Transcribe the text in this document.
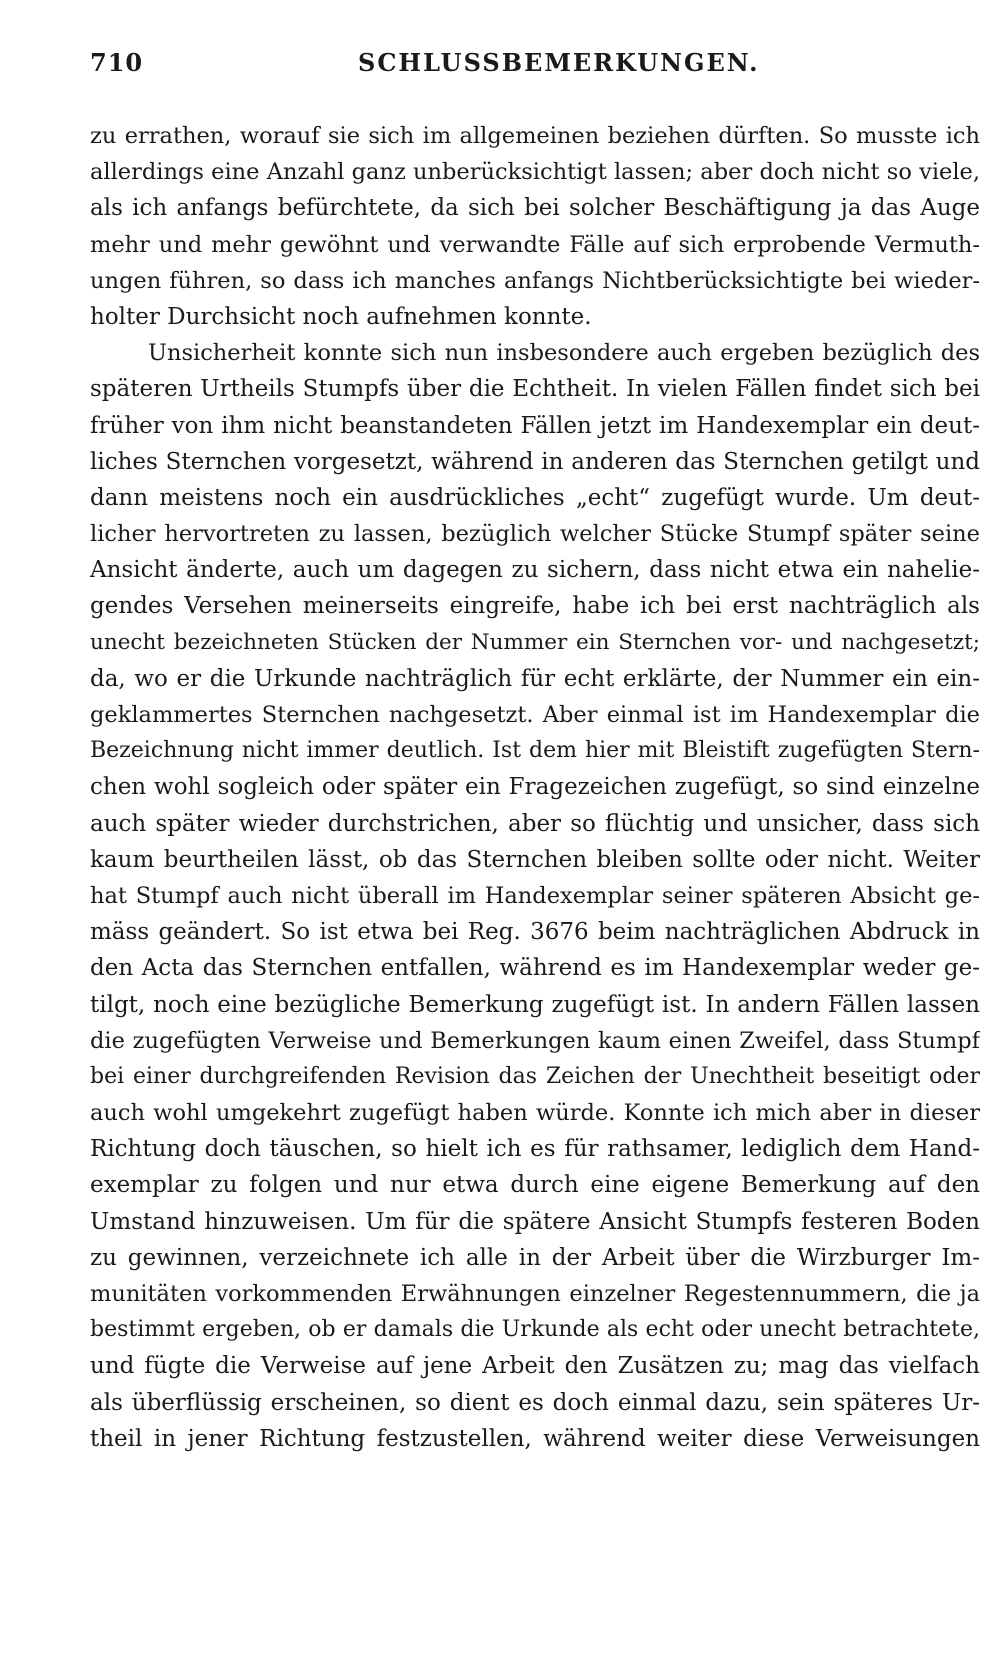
710	SCHLUSSBEMERKUNGEN.
zu errathen, worauf sie sich im allgemeinen beziehen dürften. So musste ich
allerdings eine Anzahl ganz unberücksichtigt lassen; aber doch nicht so viele,
als ich anfangs befürchtete, da sich bei solcher Beschäftigung ja das Auge
mehr und mehr gewöhnt und verwandte Fälle auf sich erprobende Vermuth-
ungen führen, so dass ich manches anfangs Nichtberücksichtigte bei wieder-
holter Durchsicht noch aufnehmen konnte.
Unsicherheit konnte sich nun insbesondere auch ergeben bezüglich des
späteren Urtheils Stumpfs über die Echtheit. In vielen Fällen findet sich bei
früher von ihm nicht beanstandeten Fällen jetzt im Handexemplar ein deut-
liches Sternchen vorgesetzt, während in anderen das Sternchen getilgt und
dann meistens noch ein ausdrückliches „echt“ zugefügt wurde. Um deut-
licher hervortreten zu lassen, bezüglich welcher Stücke Stumpf später seine
Ansicht änderte, auch um dagegen zu sichern, dass nicht etwa ein nahelie-
gendes Versehen meinerseits eingreife, habe ich bei erst nachträglich als
unecht bezeichneten Stücken der Nummer ein Sternchen vor- und nachgesetzt;
da, wo er die Urkunde nachträglich für echt erklärte, der Nummer ein ein-
geklammertes Sternchen nachgesetzt. Aber einmal ist im Handexemplar die
Bezeichnung nicht immer deutlich. Ist dem hier mit Bleistift zugefügten Stern-
chen wohl sogleich oder später ein Fragezeichen zugefügt, so sind einzelne
auch später wieder durchstrichen, aber so flüchtig und unsicher, dass sich
kaum beurtheilen lässt, ob das Sternchen bleiben sollte oder nicht. Weiter
hat Stumpf auch nicht überall im Handexemplar seiner späteren Absicht ge-
mäss geändert. So ist etwa bei Reg. 3676 beim nachträglichen Abdruck in
den Acta das Sternchen entfallen, während es im Handexemplar weder ge-
tilgt, noch eine bezügliche Bemerkung zugefügt ist. In andern Fällen lassen
die zugefügten Verweise und Bemerkungen kaum einen Zweifel, dass Stumpf
bei einer durchgreifenden Revision das Zeichen der Unechtheit beseitigt oder
auch wohl umgekehrt zugefügt haben würde. Konnte ich mich aber in dieser
Richtung doch täuschen, so hielt ich es für rathsamer, lediglich dem Hand-
exemplar zu folgen und nur etwa durch eine eigene Bemerkung auf den
Umstand hinzuweisen. Um für die spätere Ansicht Stumpfs festeren Boden
zu gewinnen, verzeichnete ich alle in der Arbeit über die Wirzburger Im-
munitäten vorkommenden Erwähnungen einzelner Regestennummern, die ja
bestimmt ergeben, ob er damals die Urkunde als echt oder unecht betrachtete,
und fügte die Verweise auf jene Arbeit den Zusätzen zu; mag das vielfach
als überflüssig erscheinen, so dient es doch einmal dazu, sein späteres Ur-
theil in jener Richtung festzustellen, während weiter diese Verweisungen
